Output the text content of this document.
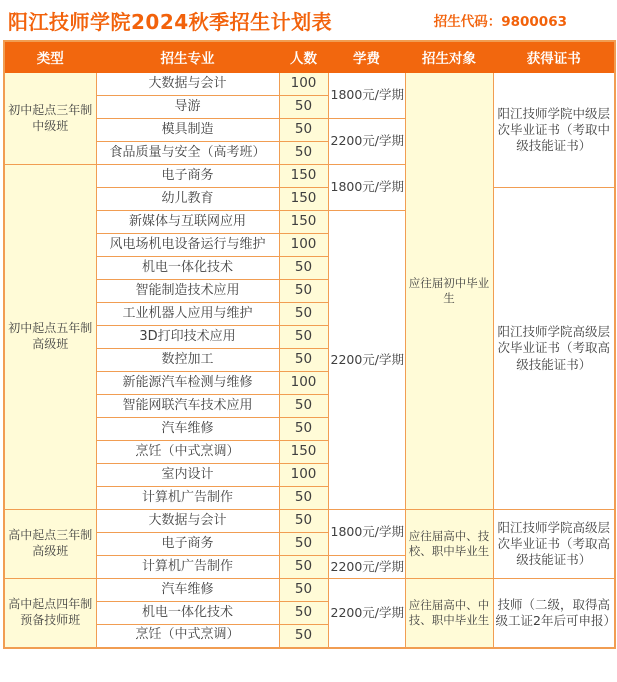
阳江技师学院2024秋季招生计划表	招生代码：9800063
类型	招生专业	人数	学费	招生对象	获得证书
初中起点三年制中级班	大数据与会计	100	1800元/学期	应往届初中毕业生	阳江技师学院中级层次毕业证书（考取中级技能证书）
	导游	50			
	模具制造	50	2200元/学期		
	食品质量与安全（高考班）	50			
初中起点五年制高级班	电子商务	150	1800元/学期		
	幼儿教育	150			阳江技师学院高级层次毕业证书（考取高级技能证书）
	新媒体与互联网应用	150	2200元/学期		
	风电场机电设备运行与维护	100			
	机电一体化技术	50			
	智能制造技术应用	50			
	工业机器人应用与维护	50			
	3D打印技术应用	50			
	数控加工	50			
	新能源汽车检测与维修	100			
	智能网联汽车技术应用	50			
	汽车维修	50			
	烹饪（中式烹调）	150			
	室内设计	100			
	计算机广告制作	50			
高中起点三年制高级班	大数据与会计	50	1800元/学期	应往届高中、技校、职中毕业生	阳江技师学院高级层次毕业证书（考取高级技能证书）
	电子商务	50			
	计算机广告制作	50	2200元/学期		
高中起点四年制预备技师班	汽车维修	50	2200元/学期	应往届高中、中技、职中毕业生	技师（二级，取得高级工证2年后可申报）
	机电一体化技术	50			
	烹饪（中式烹调）	50			
